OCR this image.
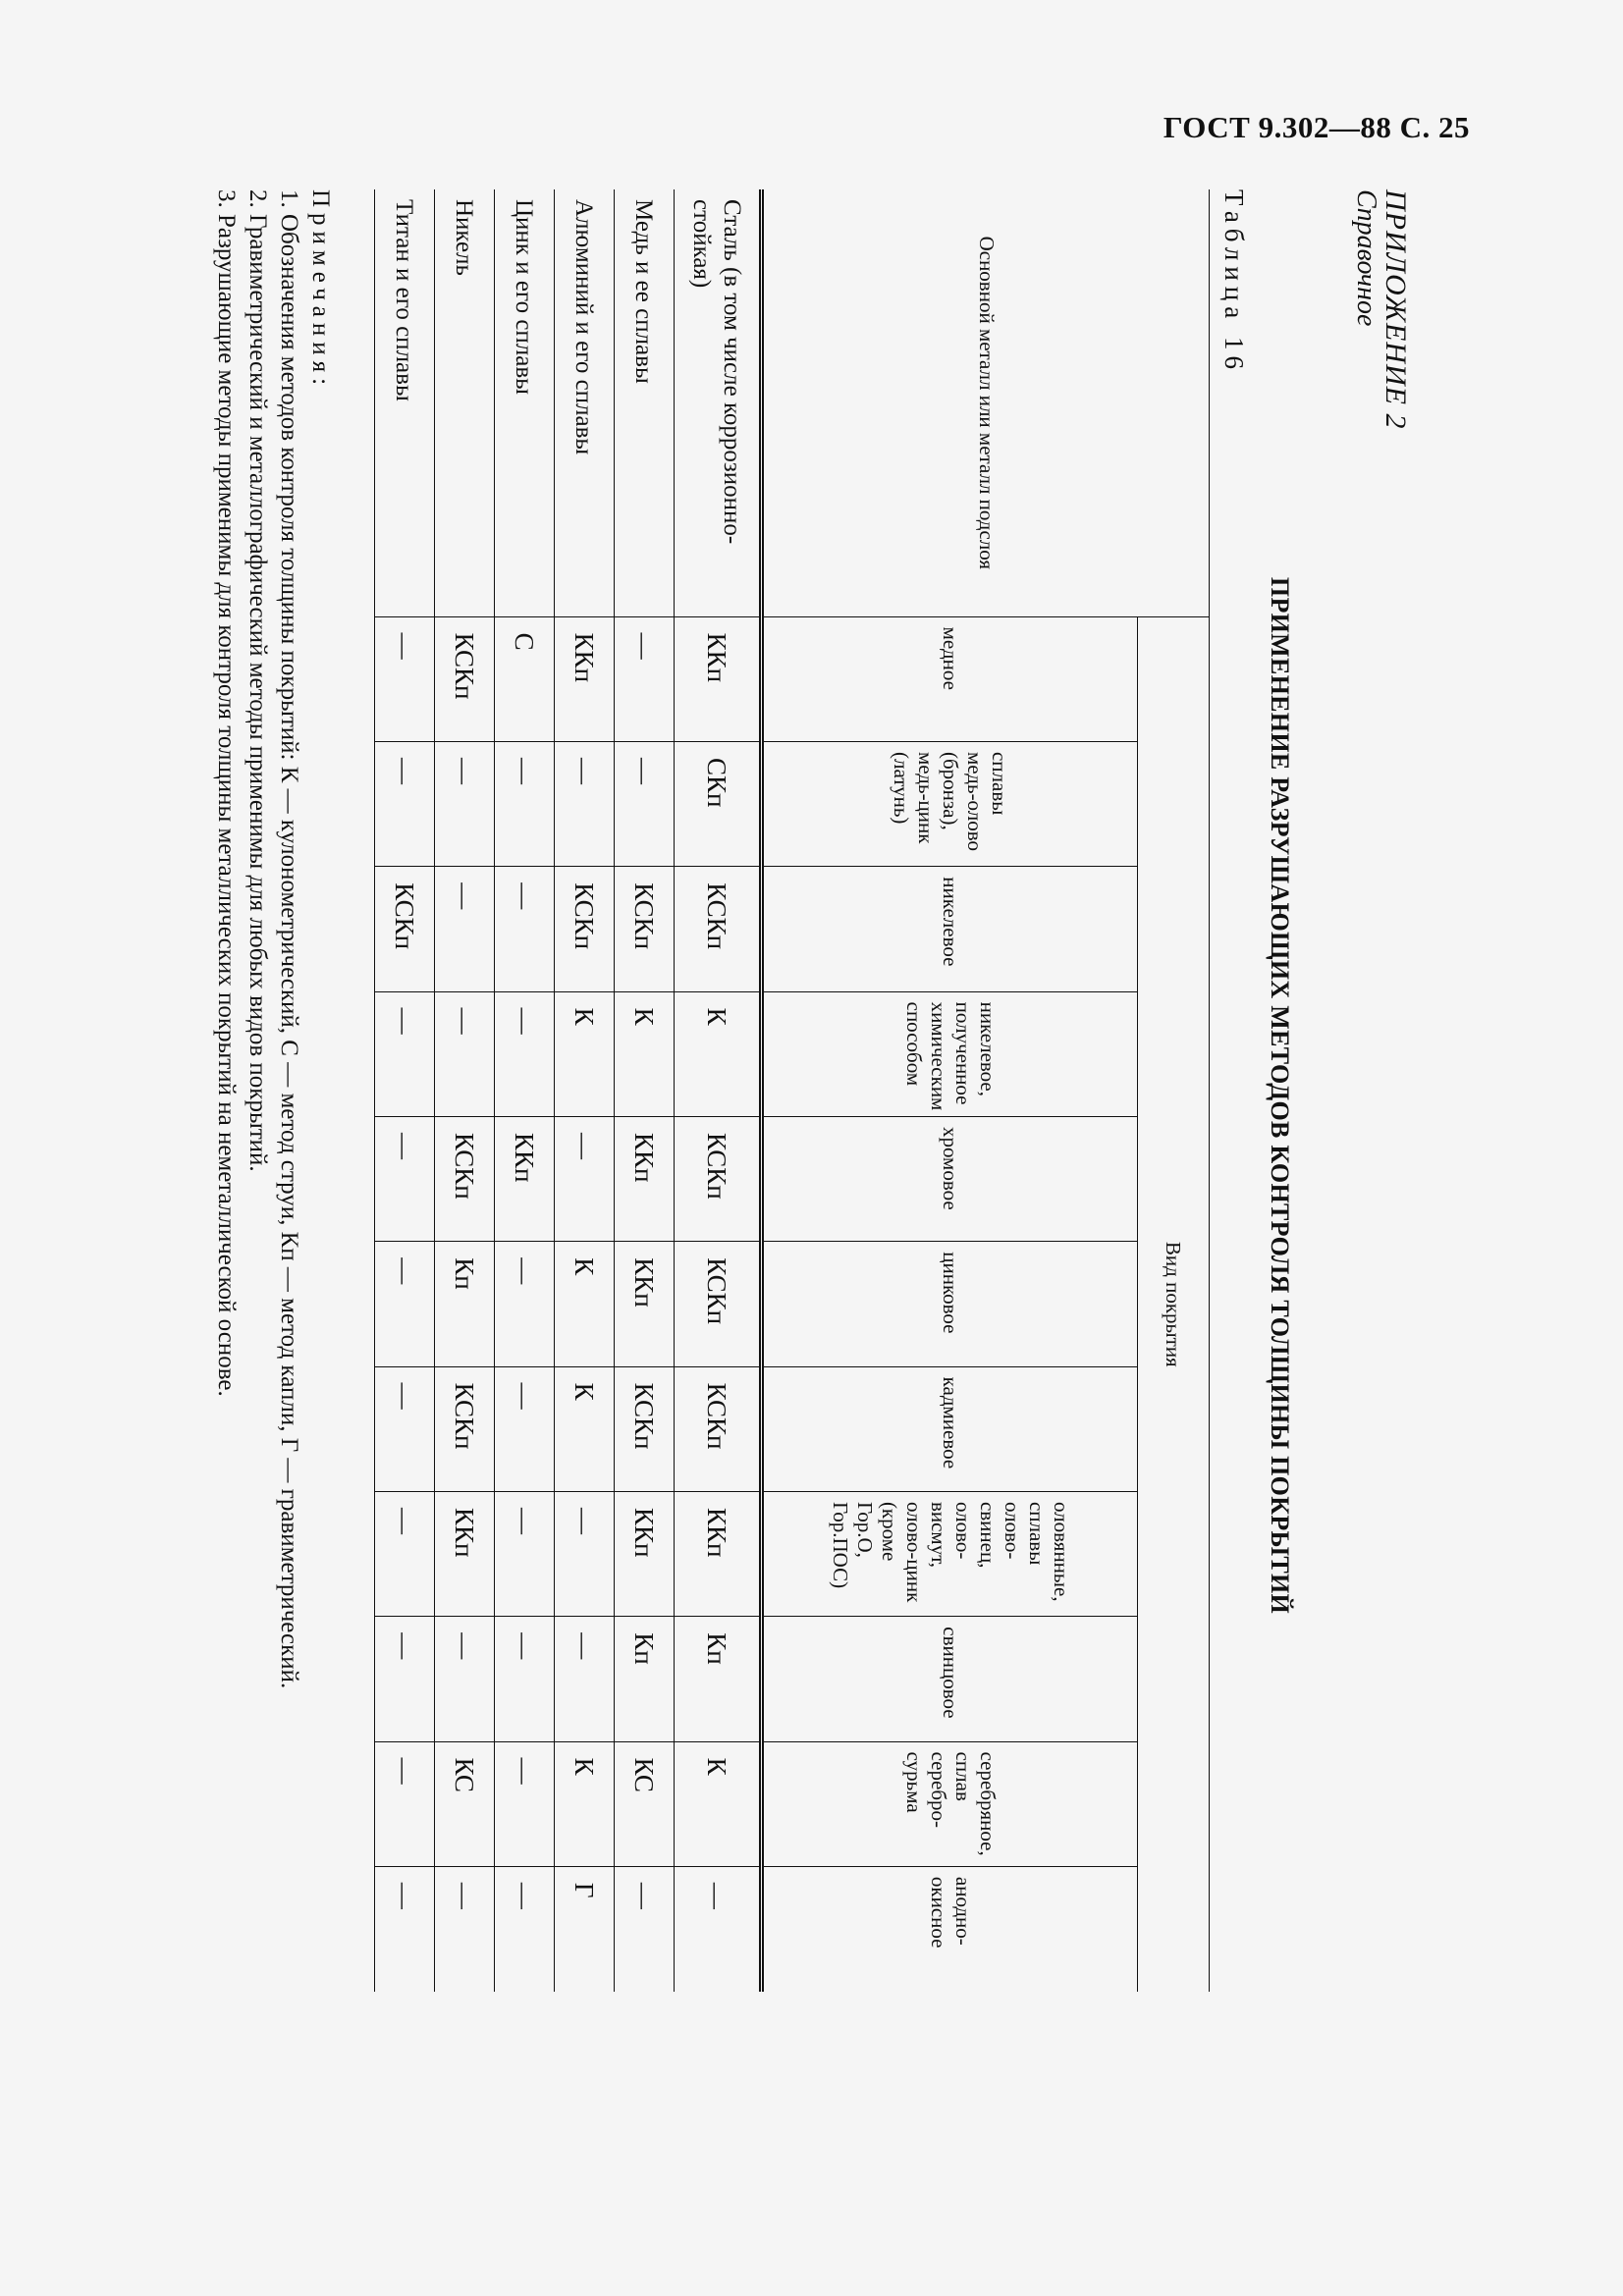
ГОСТ 9.302—88 С. 25
ПРИЛОЖЕНИЕ 2
Справочное
ПРИМЕНЕНИЕ РАЗРУШАЮЩИХ МЕТОДОВ КОНТРОЛЯ ТОЛЩИНЫ ПОКРЫТИЙ
Таблица 16
Основной металл или металл подслоя	Вид покрытия										
	медное	сплавы медь-олово (бронза), медь-цинк (латунь)	никелевое	никелевое, полученное химическим способом	хромовое	цинковое	кадмиевое	оловянные, сплавы олово-свинец, олово-висмут, олово-цинк (кроме Гор.О, Гор.ПОС)	свинцовое	серебряное, сплав серебро-сурьма	анодно-окисное
Сталь (в том числе коррозионно-стойкая)	ККп	СКп	КСКп	К	КСКп	КСКп	КСКп	ККп	Кп	К	—
Медь и ее сплавы	—	—	КСКп	К	ККп	ККп	КСКп	ККп	Кп	КС	—
Алюминий и его сплавы	ККп	—	КСКп	К	—	К	К	—	—	К	Г
Цинк и его сплавы	С	—	—	—	ККп	—	—	—	—	—	—
Никель	КСКп	—	—	—	КСКп	Кп	КСКп	ККп	—	КС	—
Титан и его сплавы	—	—	КСКп	—	—	—	—	—	—	—	—
Примечания:
1. Обозначения методов контроля толщины покрытий: К — кулонометрический, С — метод струи, Кп — метод капли, Г — гравиметрический.
2. Гравиметрический и металлографический методы применимы для любых видов покрытий.
3. Разрушающие методы применимы для контроля толщины металлических покрытий на неметаллической основе.
